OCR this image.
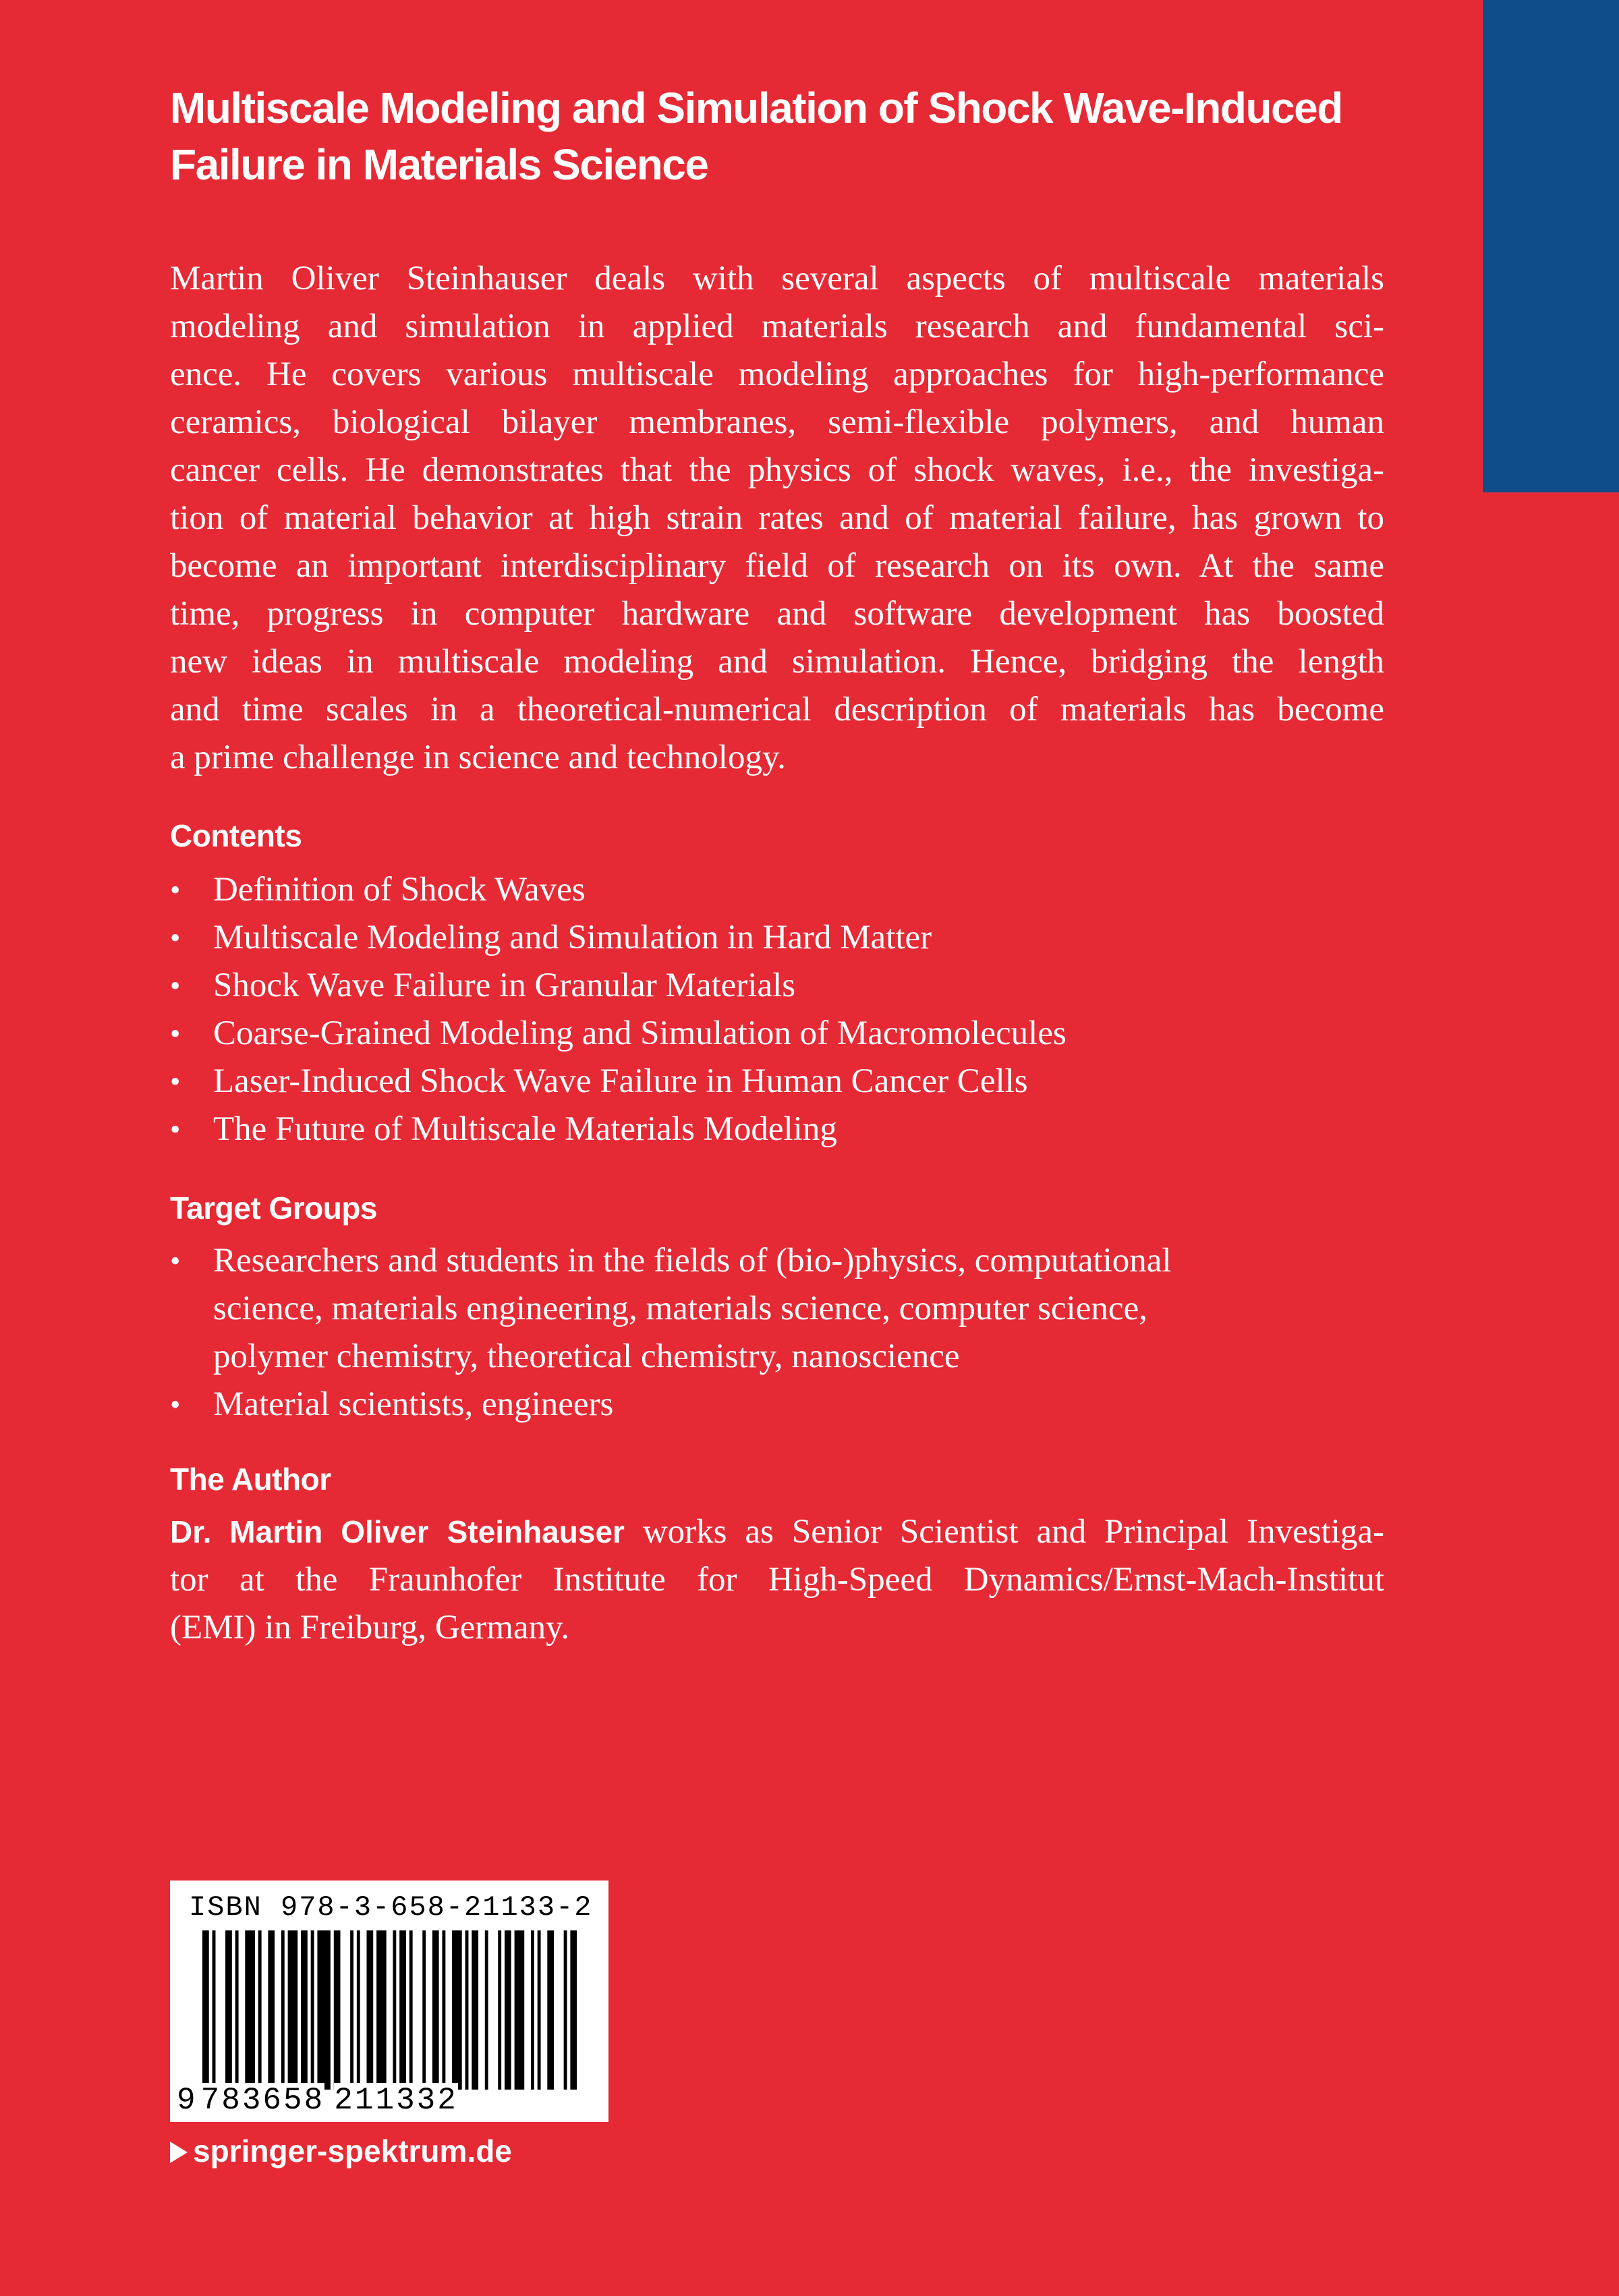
Multiscale Modeling and Simulation of Shock Wave-Induced
Failure in Materials Science
Martin Oliver Steinhauser deals with several aspects of multiscale materials
modeling and simulation in applied materials research and fundamental sci-
ence. He covers various multiscale modeling approaches for high-performance
ceramics, biological bilayer membranes, semi-flexible polymers, and human
cancer cells. He demonstrates that the physics of shock waves, i.e., the investiga-
tion of material behavior at high strain rates and of material failure, has grown to
become an important interdisciplinary field of research on its own. At the same
time, progress in computer hardware and software development has boosted
new ideas in multiscale modeling and simulation. Hence, bridging the length
and time scales in a theoretical-numerical description of materials has become
a prime challenge in science and technology.
Contents
• Definition of Shock Waves
• Multiscale Modeling and Simulation in Hard Matter
• Shock Wave Failure in Granular Materials
• Coarse-Grained Modeling and Simulation of Macromolecules
• Laser-Induced Shock Wave Failure in Human Cancer Cells
• The Future of Multiscale Materials Modeling
Target Groups
• Researchers and students in the fields of (bio-)physics, computational
science, materials engineering, materials science, computer science,
polymer chemistry, theoretical chemistry, nanoscience
• Material scientists, engineers
The Author
Dr. Martin Oliver Steinhauser works as Senior Scientist and Principal Investiga-
tor at the Fraunhofer Institute for High-Speed Dynamics/Ernst-Mach-Institut
(EMI) in Freiburg, Germany.
ISBN 978-3-658-21133-2
9 783658 211332
springer-spektrum.de
